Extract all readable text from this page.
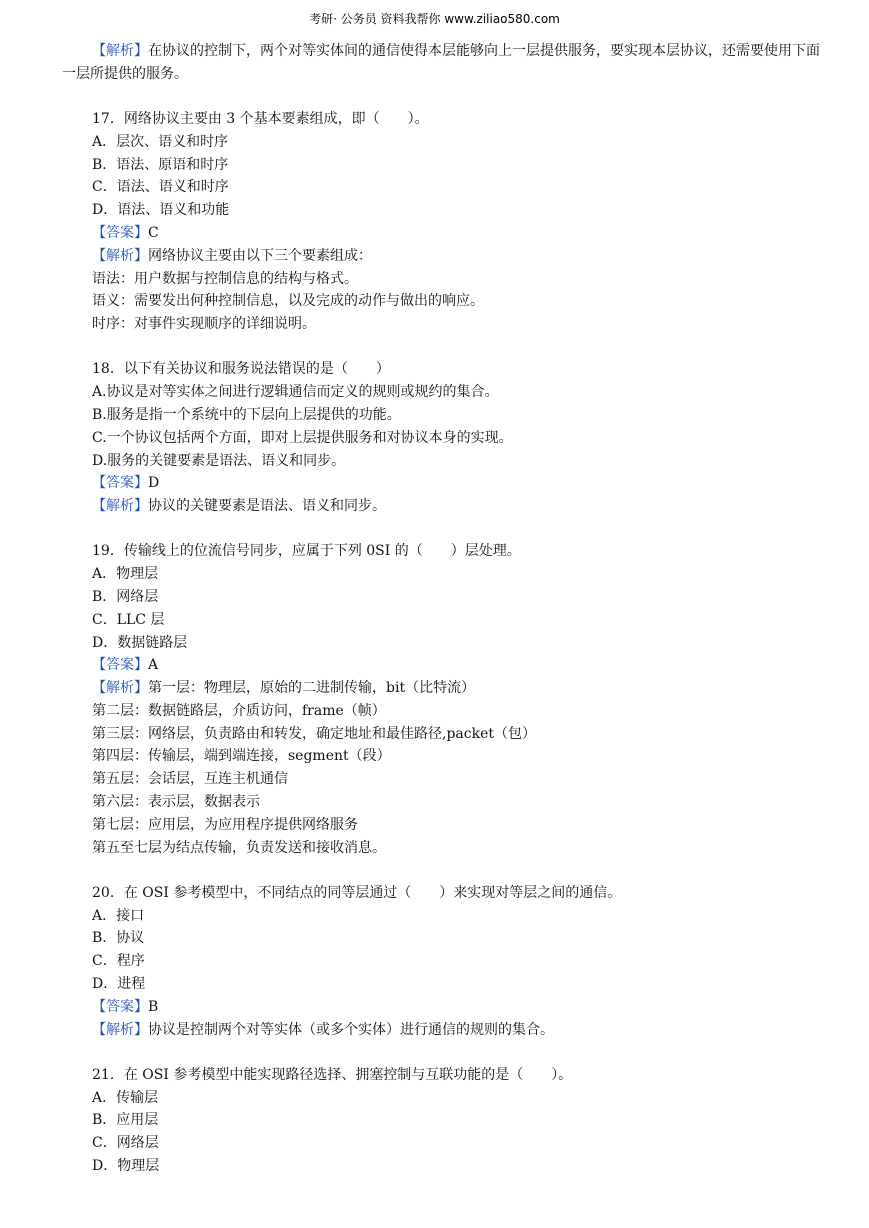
考研· 公务员 资料我帮你 www.ziliao580.com

【解析】在协议的控制下，两个对等实体间的通信使得本层能够向上一层提供服务，要实现本层协议，还需要使用下面一层所提供的服务。

17．网络协议主要由 3 个基本要素组成，即（　　）。

A．层次、语义和时序

B．语法、原语和时序

C．语法、语义和时序

D．语法、语义和功能

【答案】C

【解析】网络协议主要由以下三个要素组成：

语法：用户数据与控制信息的结构与格式。

语义：需要发出何种控制信息，以及完成的动作与做出的响应。

时序：对事件实现顺序的详细说明。

18．以下有关协议和服务说法错误的是（　　）

A.协议是对等实体之间进行逻辑通信而定义的规则或规约的集合。

B.服务是指一个系统中的下层向上层提供的功能。

C.一个协议包括两个方面，即对上层提供服务和对协议本身的实现。

D.服务的关键要素是语法、语义和同步。

【答案】D

【解析】协议的关键要素是语法、语义和同步。

19．传输线上的位流信号同步，应属于下列 0SI 的（　　）层处理。

A．物理层

B．网络层

C．LLC 层

D．数据链路层

【答案】A

【解析】第一层：物理层，原始的二进制传输，bit（比特流）

第二层：数据链路层，介质访问，frame（帧）

第三层：网络层，负责路由和转发，确定地址和最佳路径,packet（包）

第四层：传输层，端到端连接，segment（段）

第五层：会话层，互连主机通信

第六层：表示层，数据表示

第七层：应用层，为应用程序提供网络服务

第五至七层为结点传输，负责发送和接收消息。

20．在 OSI 参考模型中，不同结点的同等层通过（　　）来实现对等层之间的通信。

A．接口

B．协议

C．程序

D．进程

【答案】B

【解析】协议是控制两个对等实体（或多个实体）进行通信的规则的集合。

21．在 OSI 参考模型中能实现路径选择、拥塞控制与互联功能的是（　　）。

A．传输层

B．应用层

C．网络层

D．物理层
